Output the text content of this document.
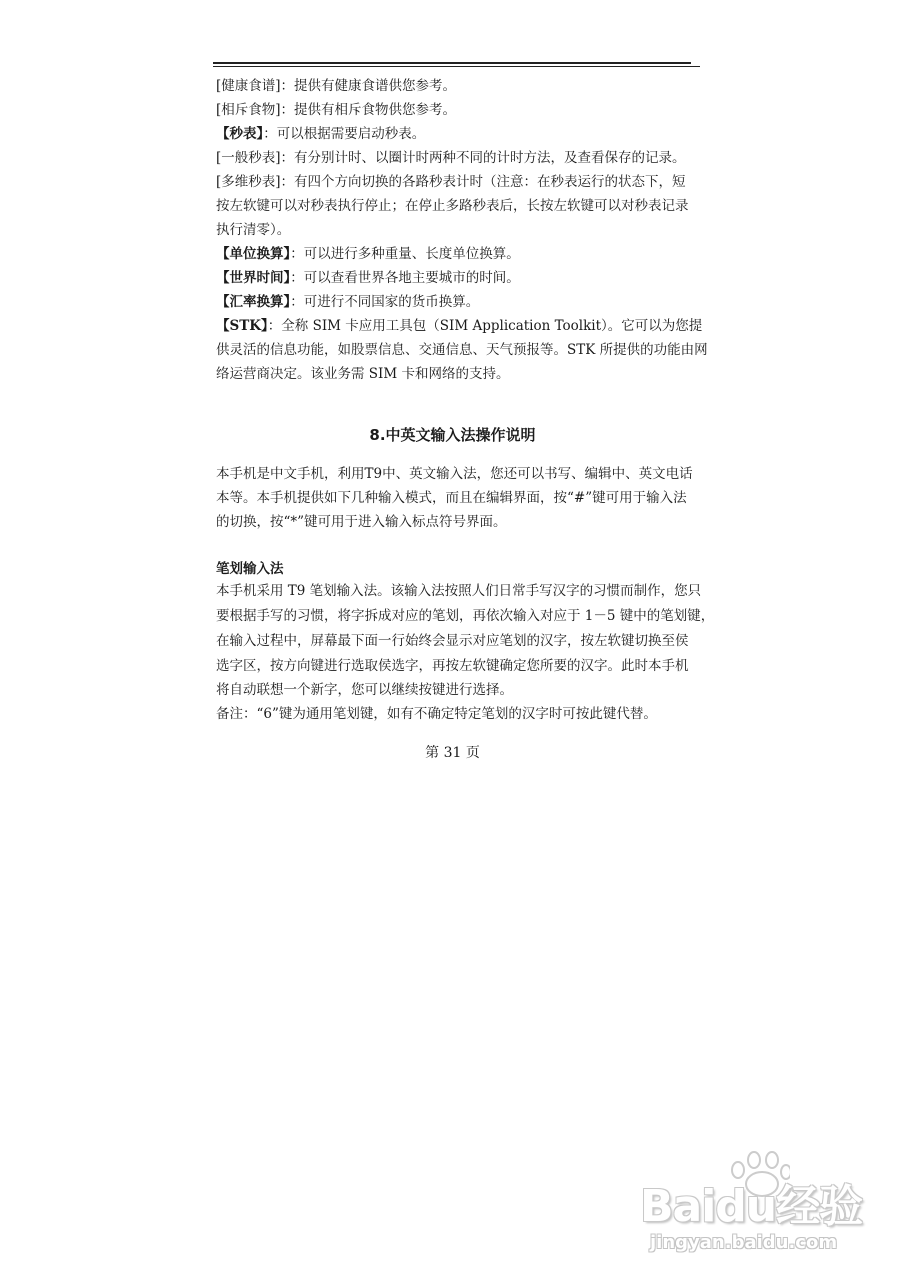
[健康食谱]：提供有健康食谱供您参考。
[相斥食物]：提供有相斥食物供您参考。
【秒表】：可以根据需要启动秒表。
[一般秒表]：有分别计时、以圈计时两种不同的计时方法，及查看保存的记录。
[多维秒表]：有四个方向切换的各路秒表计时（注意：在秒表运行的状态下，短
按左软键可以对秒表执行停止；在停止多路秒表后，长按左软键可以对秒表记录
执行清零）。
【单位换算】：可以进行多种重量、长度单位换算。
【世界时间】：可以查看世界各地主要城市的时间。
【汇率换算】：可进行不同国家的货币换算。
【STK】：全称 SIM 卡应用工具包（SIM Application Toolkit）。它可以为您提
供灵活的信息功能，如股票信息、交通信息、天气预报等。STK 所提供的功能由网
络运营商决定。该业务需 SIM 卡和网络的支持。
8.中英文输入法操作说明
本手机是中文手机，利用T9中、英文输入法，您还可以书写、编辑中、英文电话
本等。本手机提供如下几种输入模式，而且在编辑界面，按“#”键可用于输入法
的切换，按“*”键可用于进入输入标点符号界面。
笔划输入法
本手机采用 T9 笔划输入法。该输入法按照人们日常手写汉字的习惯而制作，您只
要根据手写的习惯，将字拆成对应的笔划，再依次输入对应于 1－5 键中的笔划键，
在输入过程中，屏幕最下面一行始终会显示对应笔划的汉字，按左软键切换至侯
选字区，按方向键进行选取侯选字，再按左软键确定您所要的汉字。此时本手机
将自动联想一个新字，您可以继续按键进行选择。
备注：“6”键为通用笔划键，如有不确定特定笔划的汉字时可按此键代替。
第 31 页
Baidu经验
jingyan.baidu.com
